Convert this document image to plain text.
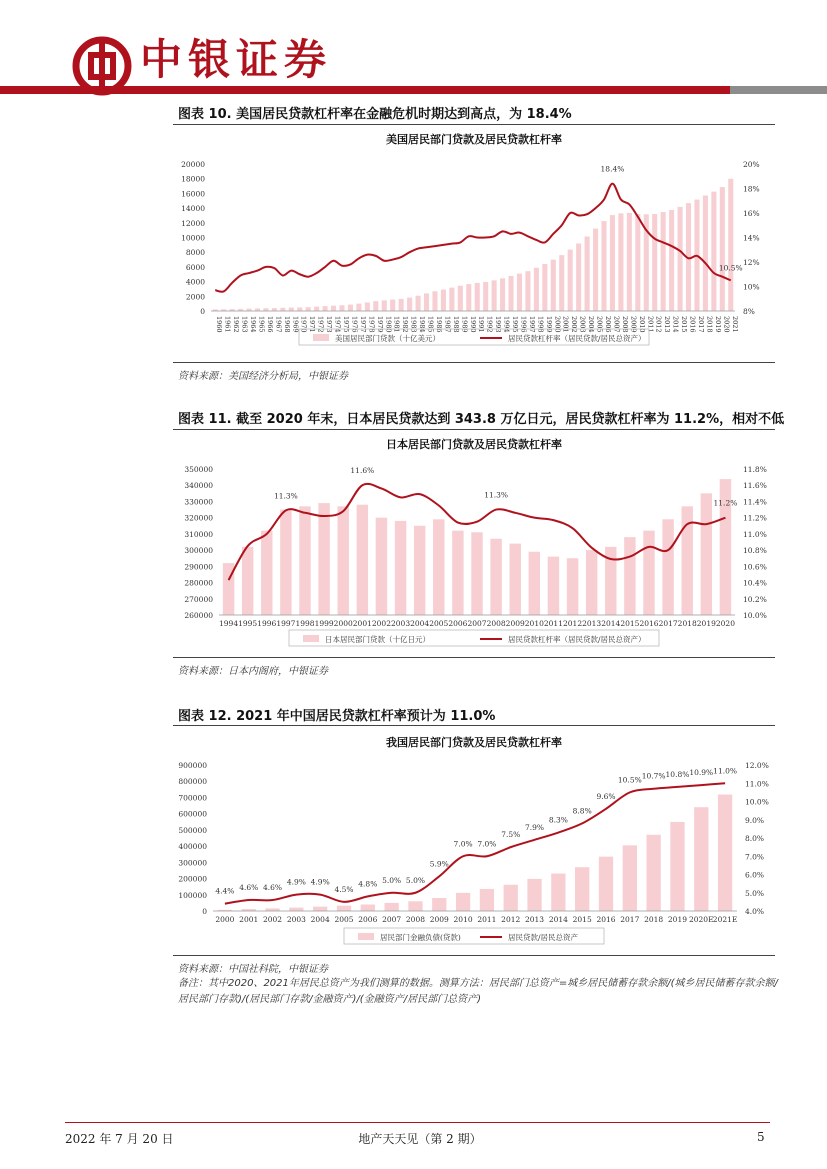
中银证券
图表 10. 美国居民贷款杠杆率在金融危机时期达到高点，为 18.4%
美国居民部门贷款及居民贷款杠杆率
20000
18000
16000
14000
12000
10000
8000
6000
4000
2000
0
20%
18%
16%
14%
12%
10%
8%
1960 1961 1962 1963 1964 1965 1966 1967 1968 1969 1970 1971 1972 1973 1974 1975 1976 1977 1978 1979 1980 1981 1982 1983 1984 1985 1986 1987 1988 1989 1990 1991 1992 1993 1994 1995 1996 1997 1998 1999 2000 2001 2002 2003 2004 2005 2006 2007 2008 2009 2010 2011 2012 2013 2014 2015 2016 2017 2018 2019 2020 2021
18.4%
10.5%
美国居民部门贷款（十亿美元）	居民贷款杠杆率（居民贷款/居民总资产）
资料来源：美国经济分析局，中银证券
图表 11. 截至 2020 年末，日本居民贷款达到 343.8 万亿日元，居民贷款杠杆率为 11.2%，相对不低
日本居民部门贷款及居民贷款杠杆率
350000
340000
330000
320000
310000
300000
290000
280000
270000
260000
11.8%
11.6%
11.4%
11.2%
11.0%
10.8%
10.6%
10.4%
10.2%
10.0%
1994 1995 1996 1997 1998 1999 2000 2001 2002 2003 2004 2005 2006 2007 2008 2009 2010 2011 2012 2013 2014 2015 2016 2017 2018 2019 2020
11.3%
11.6%
11.3%
11.2%
日本居民部门贷款（十亿日元）	居民贷款杠杆率（居民贷款/居民总资产）
资料来源：日本内阁府，中银证券
图表 12. 2021 年中国居民贷款杠杆率预计为 11.0%
我国居民部门贷款及居民贷款杠杆率
900000
800000
700000
600000
500000
400000
300000
200000
100000
0
12.0%
11.0%
10.0%
9.0%
8.0%
7.0%
6.0%
5.0%
4.0%
2000 2001 2002 2003 2004 2005 2006 2007 2008 2009 2010 2011 2012 2013 2014 2015 2016 2017 2018 2019 2020E 2021E
4.4% 4.6% 4.6%
4.9% 4.9%
4.5%
4.8% 5.0% 5.0%
5.9%
7.0% 7.0%
7.5%
7.9%
8.3%
8.8%
9.6%
10.5% 10.7% 10.8% 10.9% 11.0%
居民部门金融负债(贷款)	居民贷款/居民总资产
资料来源：中国社科院，中银证券
备注：其中2020、2021年居民总资产为我们测算的数据。测算方法：居民部门总资产=城乡居民储蓄存款余额/(城乡居民储蓄存款余额/居民部门存款)/(居民部门存款/金融资产)/(金融资产/居民部门总资产)
2022 年 7 月 20 日	地产天天见（第 2 期）	5
